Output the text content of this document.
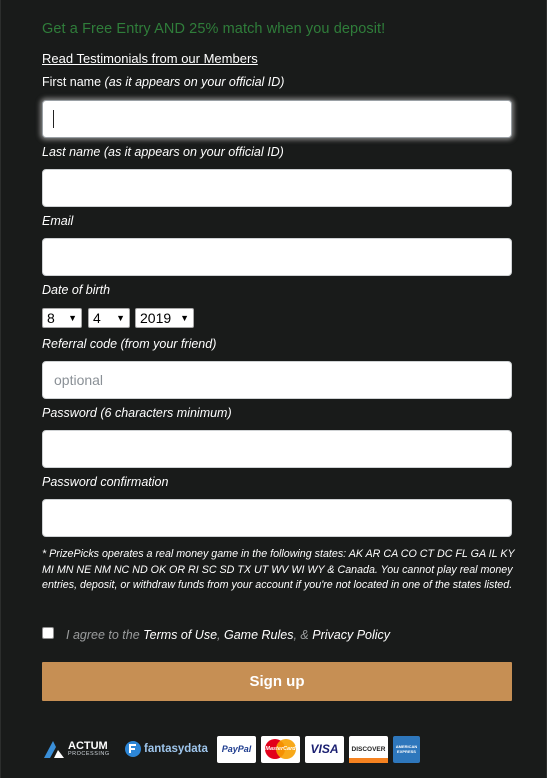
Get a Free Entry AND 25% match when you deposit!
Read Testimonials from our Members
First name (as it appears on your official ID)
Last name (as it appears on your official ID)
Email
Date of birth
8 ▼	4 ▼	2019 ▼
Referral code (from your friend)
optional
Password (6 characters minimum)
Password confirmation
* PrizePicks operates a real money game in the following states: AK AR CA CO CT DC FL GA IL KY MI MN NE NM NC ND OK OR RI SC SD TX UT WV WI WY & Canada. You cannot play real money entries, deposit, or withdraw funds from your account if you're not located in one of the states listed.
I agree to the Terms of Use, Game Rules, & Privacy Policy
Sign up
ACTUM
PROCESSING	fantasydata	PayPal	MasterCard	VISA	DISCOVER	AMERICAN EXPRESS
